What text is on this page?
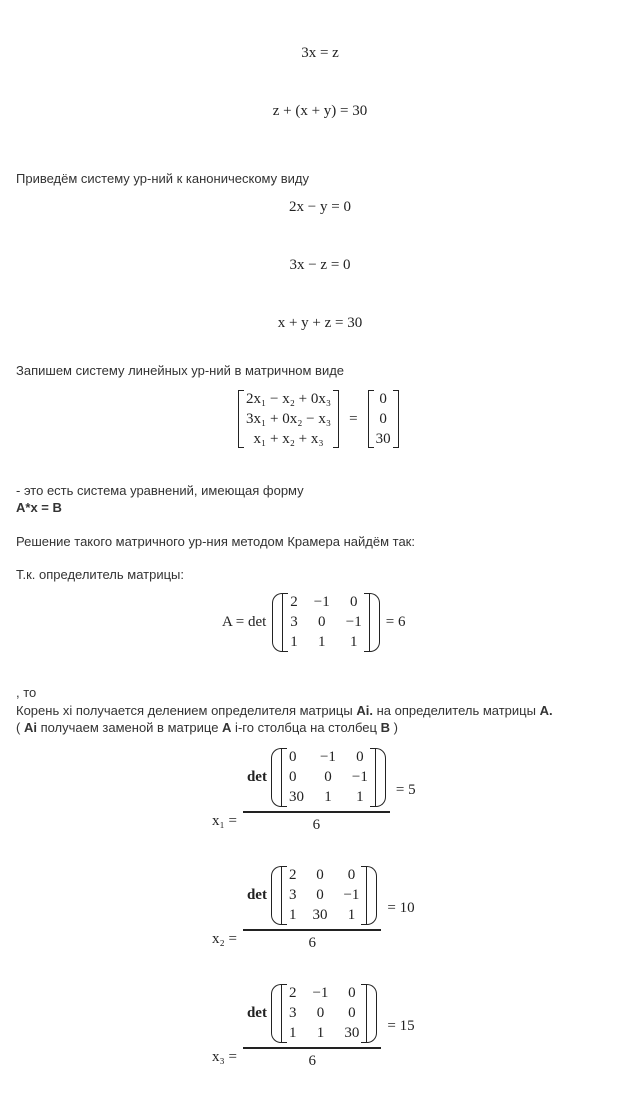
3x = z
z + (x + y) = 30
Приведём систему ур-ний к каноническому виду
2x − y = 0
3x − z = 0
x + y + z = 30
Запишем систему линейных ур-ний в матричном виде
2x₁ − x₂ + 0x₃
3x₁ + 0x₂ − x₃
x₁ + x₂ + x₃
=
0
0
30
- это есть система уравнений, имеющая форму
A*x = B
Решение такого матричного ур-ния методом Крамера найдём так:
Т.к. определитель матрицы:
A = det
2 −1 0
3 0 −1
1 1 1
= 6
, то
Корень xi получается делением определителя матрицы Ai. на определитель матрицы A.
( Ai получаем заменой в матрице A i-го столбца на столбец B )
x₁ = det
0	−1 0
0	0 −1
30 1 1
6 = 5
x₂ = det
2 0 0
3 0 −1
1 30 1
6 = 10
x₃ = det
2 −1 0
3 0 0
1 1 30
6 = 15
